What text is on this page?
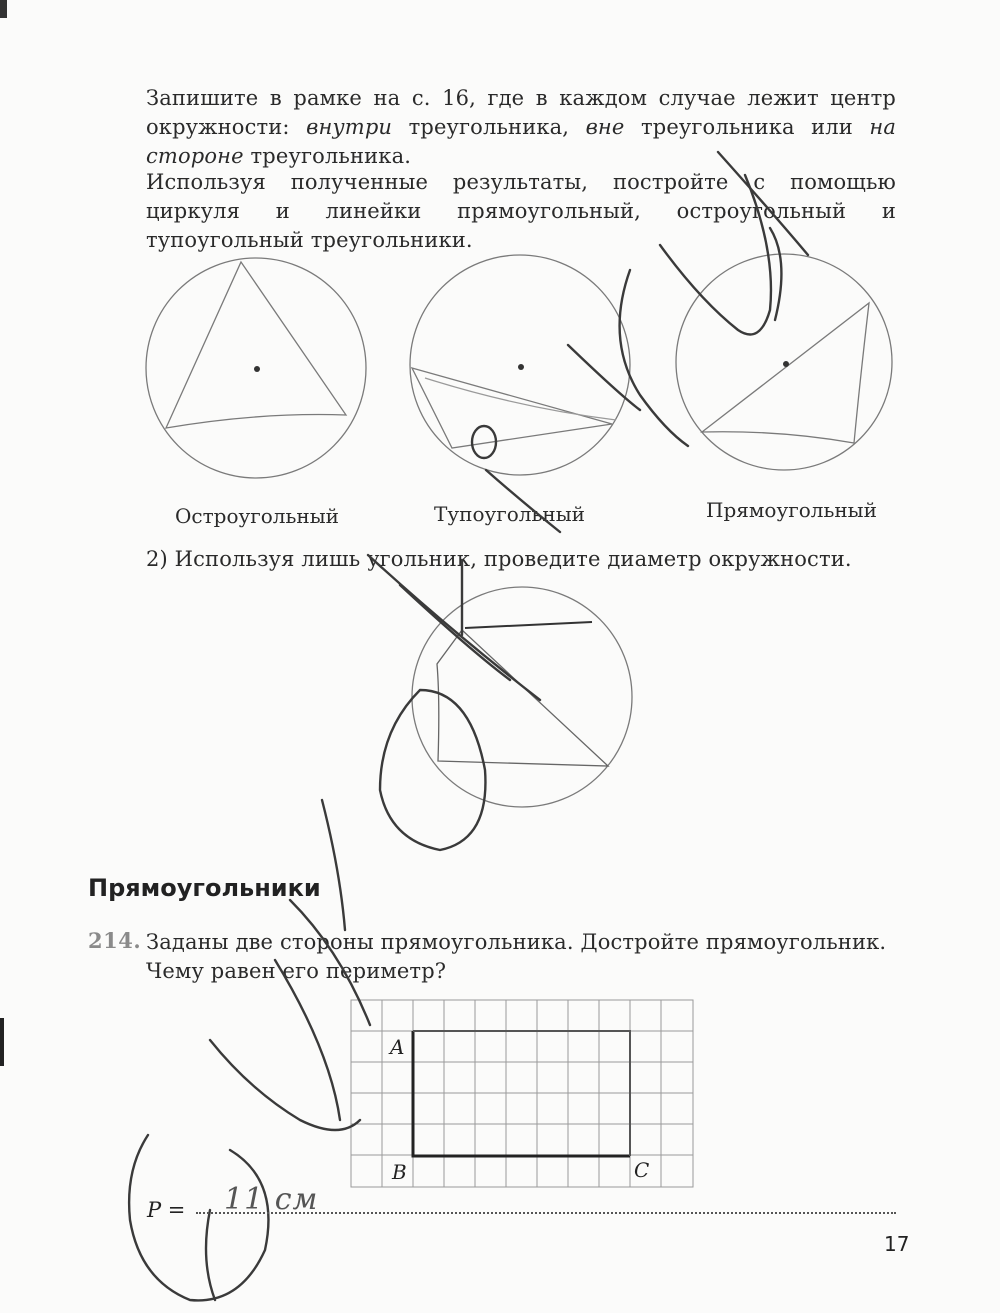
Запишите в рамке на с. 16, где в каждом случае лежит центр окружности: внутри треугольника, вне треугольника или на стороне треугольника.
Используя полученные результаты, постройте с помощью циркуля и линейки прямоугольный, остроугольный и тупоугольный треугольники.
Остроугольный	Тупоугольный	Прямоугольный
2) Используя лишь угольник, проведите диаметр окружности.
Прямоугольники
214. Заданы две стороны прямоугольника. Достройте прямоугольник. Чему равен его периметр?
A
B	C
P = 11 см
17
